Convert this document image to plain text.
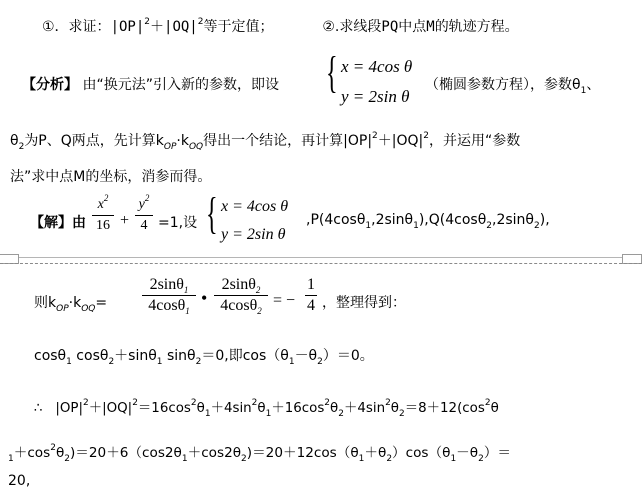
①．求证：$|OP|^2+|OQ|^2$等于定值；	②.求线段PQ中点M的轨迹方程。
【分析】 由“换元法”引入新的参数，即设 { x = 4cos θ
y = 2sin θ
（椭圆参数方程），参数$\theta_1$、
$\theta_2$为P、Q两点，先计算$k_{OP}\cdot k_{OQ}$得出一个结论，再计算$|OP|^2+|OQ|^2$，并运用“参数
法”求中点M的坐标，消参而得。
【解】由
$x^2$
16 +
$y^2$
4 =1,设 { x = 4cos θ
y = 2sin θ
,P(4cosθ$_1$,2sinθ$_1$),Q(4cosθ$_2$,2sinθ$_2$),
则$k_{OP}\cdot k_{OQ}=$
2sinθ$_1$
4cosθ$_1$
•
2sinθ$_2$
4cosθ$_2$
= −
1
4 ，整理得到：
cosθ$_1$ cosθ$_2$＋sinθ$_1$ sinθ$_2$＝0,即$\cos(\theta_1-\theta_2)=0$。
∴ $|OP|^2+|OQ|^2=16\cos^2\theta_1+4\sin^2\theta_1+16\cos^2\theta_2+4\sin^2\theta_2=8+12(\cos^2\theta$
$_1+\cos^2\theta_2)=20+6(\cos 2\theta_1+\cos 2\theta_2)=20+12\cos(\theta_1+\theta_2)\cos(\theta_1-\theta_2)=$
20,
